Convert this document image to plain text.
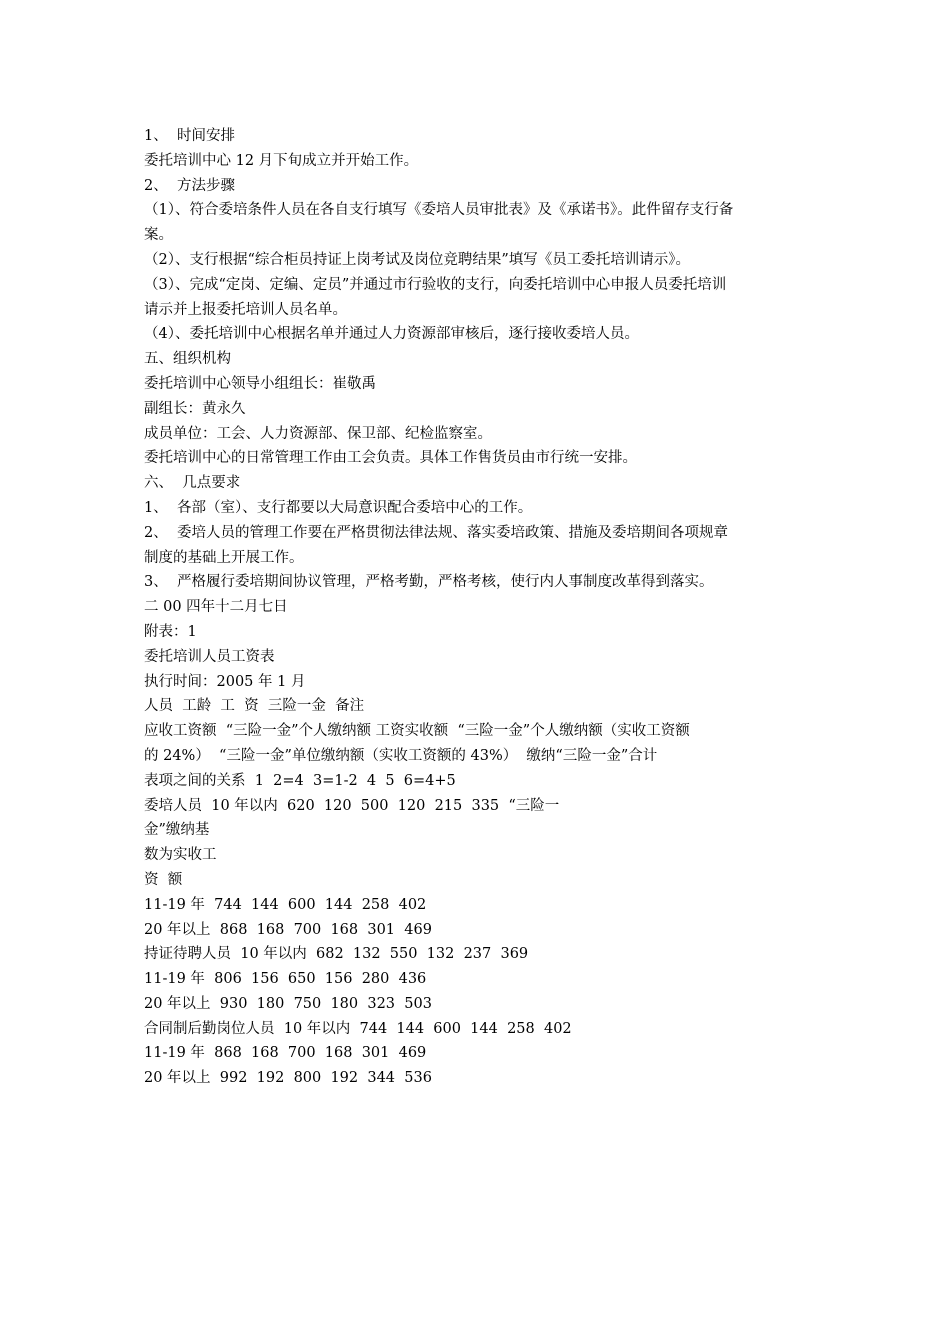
1、  时间安排
委托培训中心 12 月下旬成立并开始工作。
2、  方法步骤
（1）、符合委培条件人员在各自支行填写《委培人员审批表》及《承诺书》。此件留存支行备
案。
（2）、支行根据“综合柜员持证上岗考试及岗位竞聘结果”填写《员工委托培训请示》。
（3）、完成“定岗、定编、定员”并通过市行验收的支行，向委托培训中心申报人员委托培训
请示并上报委托培训人员名单。
（4）、委托培训中心根据名单并通过人力资源部审核后，逐行接收委培人员。
五、组织机构
委托培训中心领导小组组长：崔敬禹
副组长：黄永久
成员单位：工会、人力资源部、保卫部、纪检监察室。
委托培训中心的日常管理工作由工会负责。具体工作售货员由市行统一安排。
六、  几点要求
1、  各部（室）、支行都要以大局意识配合委培中心的工作。
2、  委培人员的管理工作要在严格贯彻法律法规、落实委培政策、措施及委培期间各项规章
制度的基础上开展工作。
3、  严格履行委培期间协议管理，严格考勤，严格考核，使行内人事制度改革得到落实。
二 00 四年十二月七日
附表：1
委托培训人员工资表
执行时间：2005 年 1 月
人员  工龄  工  资  三险一金  备注
应收工资额  “三险一金”个人缴纳额 工资实收额  “三险一金”个人缴纳额（实收工资额
的 24%）  “三险一金”单位缴纳额（实收工资额的 43%）  缴纳“三险一金”合计
表项之间的关系  1  2=4  3=1-2  4  5  6=4+5
委培人员  10 年以内  620  120  500  120  215  335  “三险一
金”缴纳基
数为实收工
资  额
11-19 年  744  144  600  144  258  402
20 年以上  868  168  700  168  301  469
持证待聘人员  10 年以内  682  132  550  132  237  369
11-19 年  806  156  650  156  280  436
20 年以上  930  180  750  180  323  503
合同制后勤岗位人员  10 年以内  744  144  600  144  258  402
11-19 年  868  168  700  168  301  469
20 年以上  992  192  800  192  344  536
